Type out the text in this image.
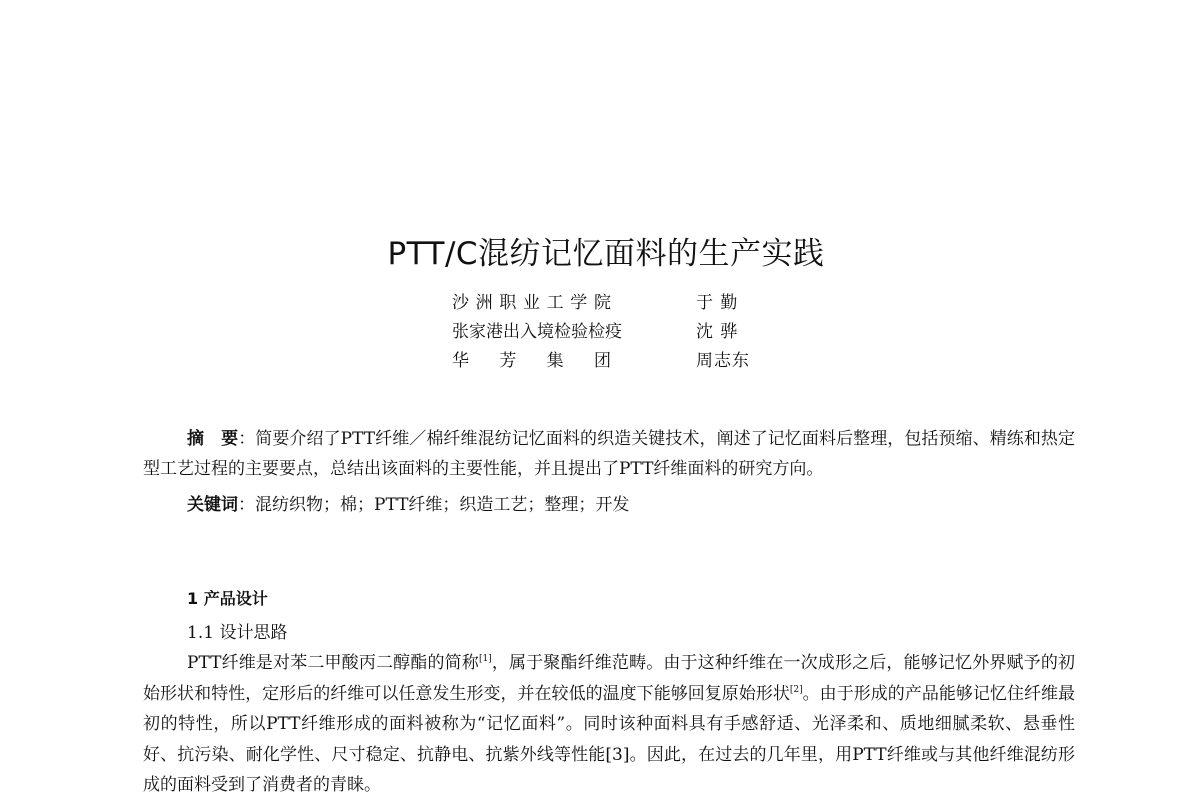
PTT/C混纺记忆面料的生产实践
沙 洲 职 业 工 学 院	于 勤
张家港出入境检验检疫	沈 骅
华 芳 集 团	周志东

摘　要：简要介绍了PTT纤维／棉纤维混纺记忆面料的织造关键技术，阐述了记忆面料后整理，包括预缩、精练和热定型工艺过程的主要要点，总结出该面料的主要性能，并且提出了PTT纤维面料的研究方向。

关键词：混纺织物；棉；PTT纤维；织造工艺；整理；开发

1 产品设计

1.1 设计思路

PTT纤维是对苯二甲酸丙二醇酯的简称[1]，属于聚酯纤维范畴。由于这种纤维在一次成形之后，能够记忆外界赋予的初始形状和特性，定形后的纤维可以任意发生形变，并在较低的温度下能够回复原始形状[2]。由于形成的产品能够记忆住纤维最初的特性，所以PTT纤维形成的面料被称为“记忆面料”。同时该种面料具有手感舒适、光泽柔和、质地细腻柔软、悬垂性好、抗污染、耐化学性、尺寸稳定、抗静电、抗紫外线等性能[3]。因此，在过去的几年里，用PTT纤维或与其他纤维混纺形成的面料受到了消费者的青睐。
